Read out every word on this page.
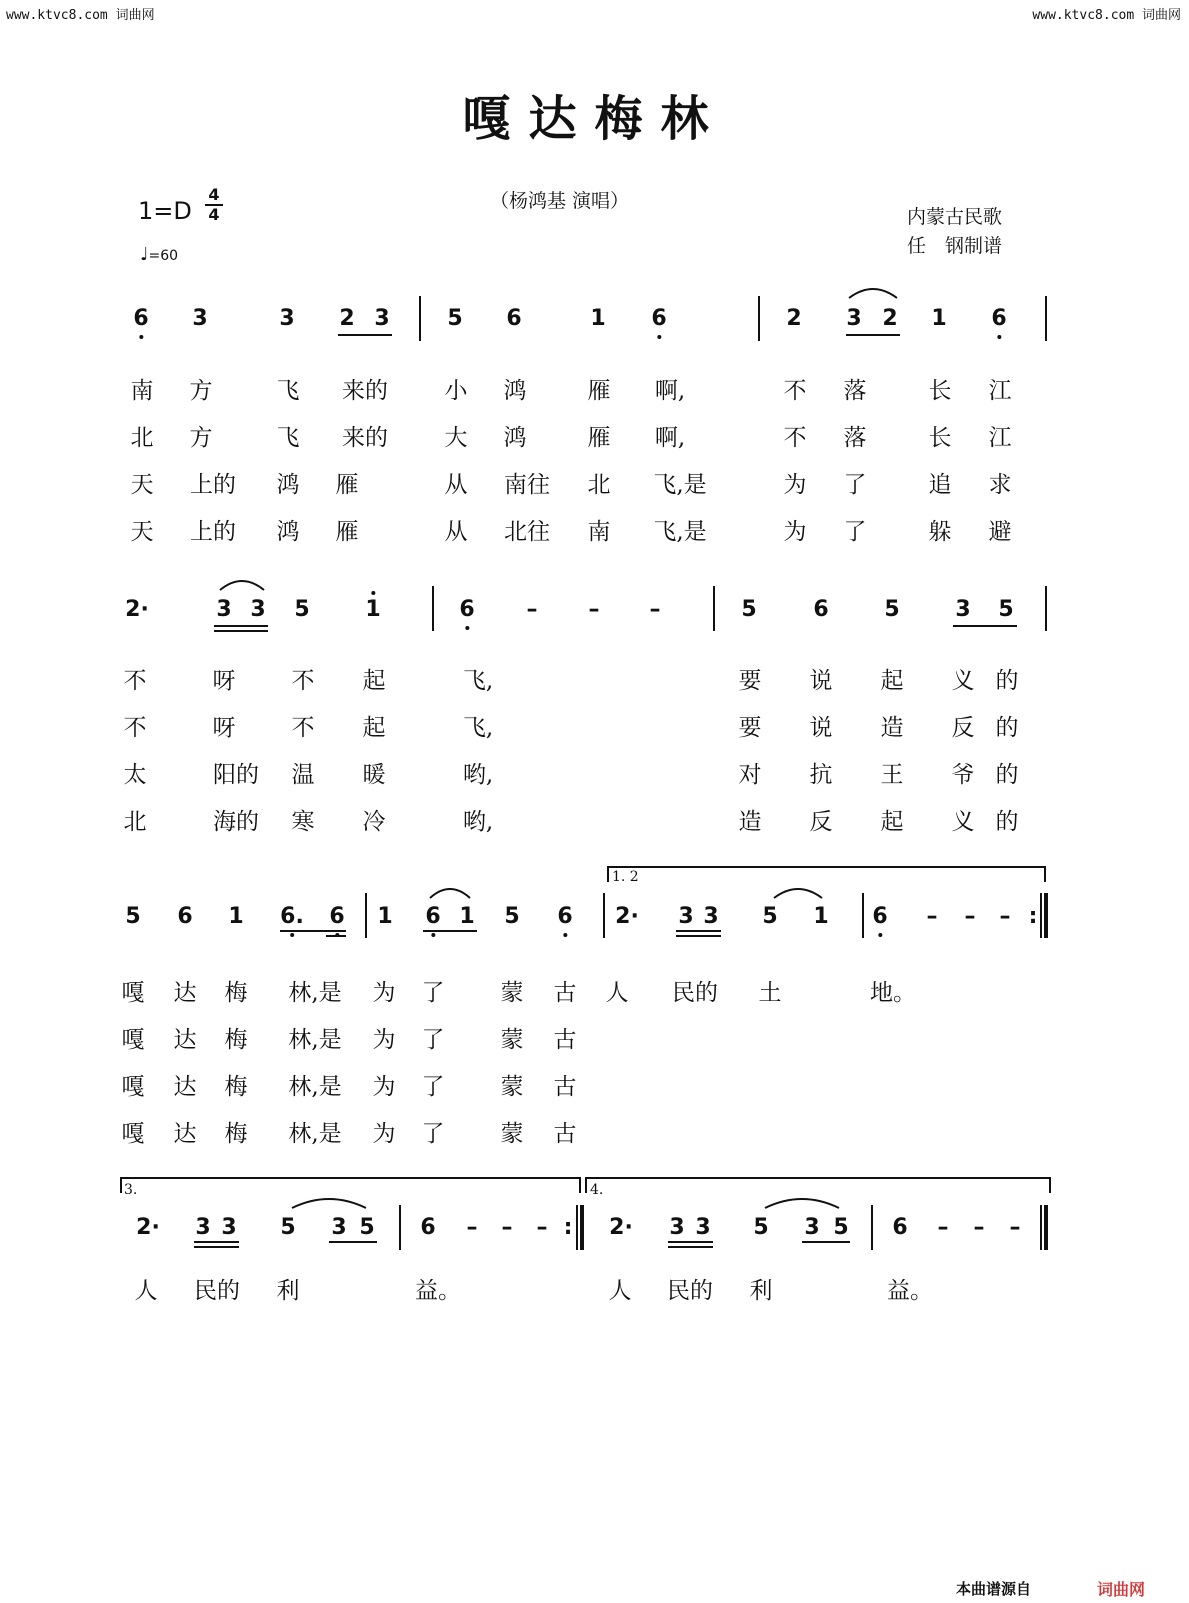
www.ktvc8.com 词曲网	www.ktvc8.com 词曲网
嘎达梅林
1=D
4
4
♩=60
（杨鸿基 演唱）
内蒙古民歌
任　钢制谱
6 3	3 2 3	5 6	1 6	2 3 2 1 6
南 方	飞 来的 小 鸿	雁 啊,	不 落	长 江
北 方	飞 来的 大 鸿	雁 啊,	不 落	长 江
天 上的 鸿 雁	从 南往 北 飞,是	为 了	追 求
天 上的 鸿 雁	从 北往 南 飞,是	为 了	躲 避
2·	3 3 5	1	6 – – –	5	6	5	3 5
不	呀 不 起	飞,	要 说 起 义 的
不	呀 不 起	飞,	要 说 造 反 的
太	阳的 温 暖	哟,	对 抗 王 爷 的
北	海的 寒 冷	哟,	造 反 起 义 的
1. 2
5 6 1 6. 6 1 6 1 5 6 2· 3 3 5 1 6 – – – :
嘎 达 梅 林,是 为 了 蒙 古 人 民的 土	地。
嘎 达 梅 林,是 为 了 蒙 古
嘎 达 梅 林,是 为 了 蒙 古
嘎 达 梅 林,是 为 了 蒙 古
3.	4.
2· 3 3 5 3 5 6 – – – : 2· 3 3 5 3 5 6 – – –
人 民的 利	益。	人 民的 利	益。
本曲谱源自	词曲网
